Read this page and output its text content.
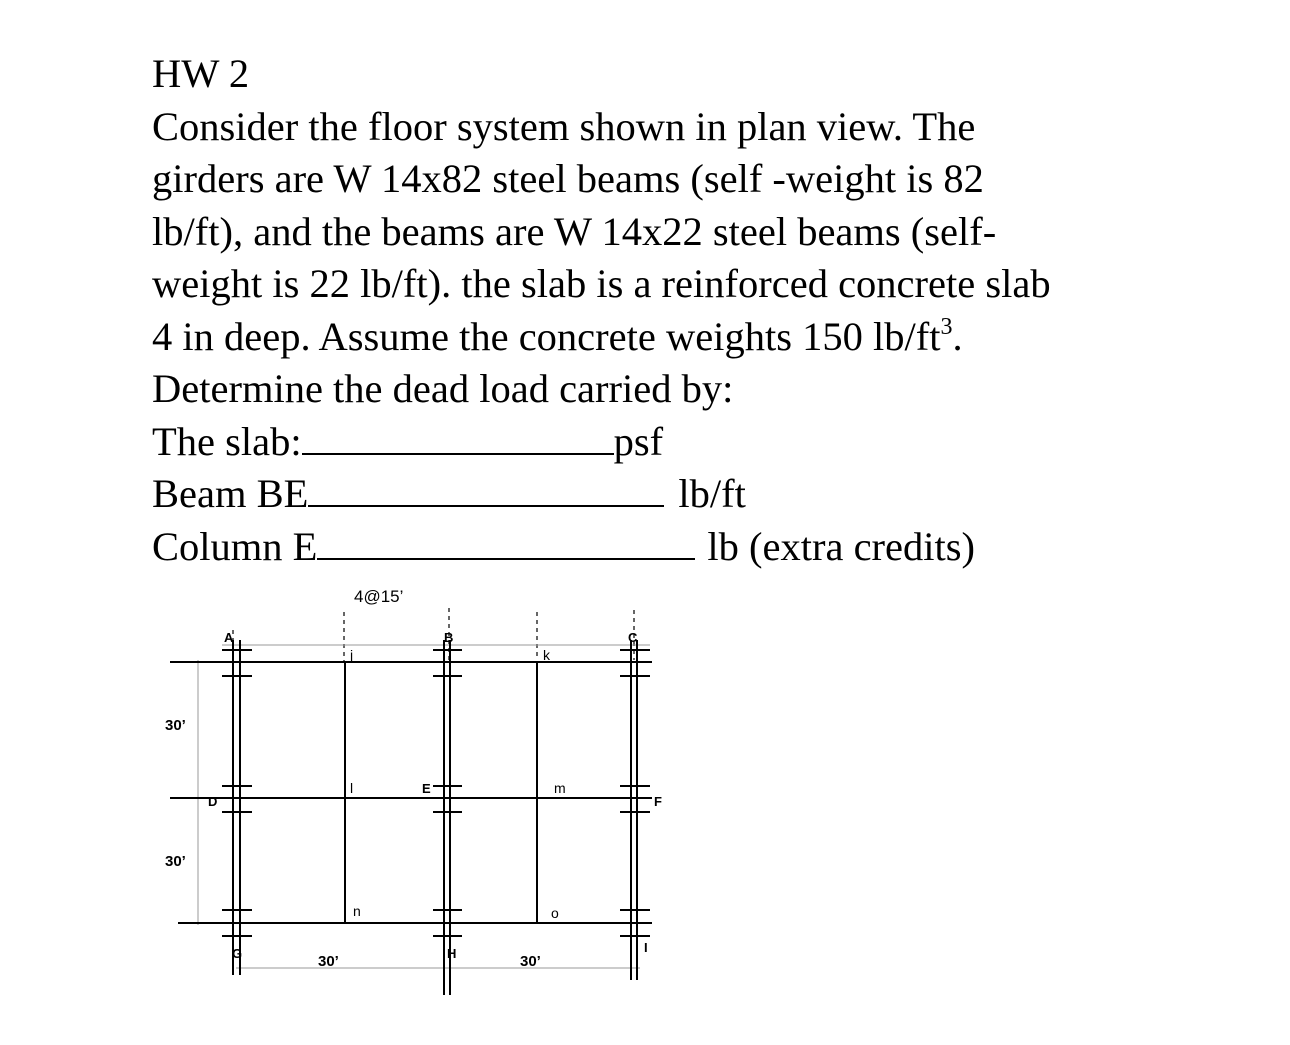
HW 2
Consider the floor system shown in plan view. The
girders are W 14x82 steel beams (self -weight is 82
lb/ft), and the beams are W 14x22 steel beams (self-
weight is 22 lb/ft). the slab is a reinforced concrete slab
4 in deep. Assume the concrete weights 150 $lb/ft^3$.
Determine the dead load carried by:
The slab:	psf
Beam BE	lb/ft
Column E	lb (extra credits)
4@15’
30’
30’
30’	30’
A	B	C
D
E
F
G	H	I
j	k
l	m
n	o
